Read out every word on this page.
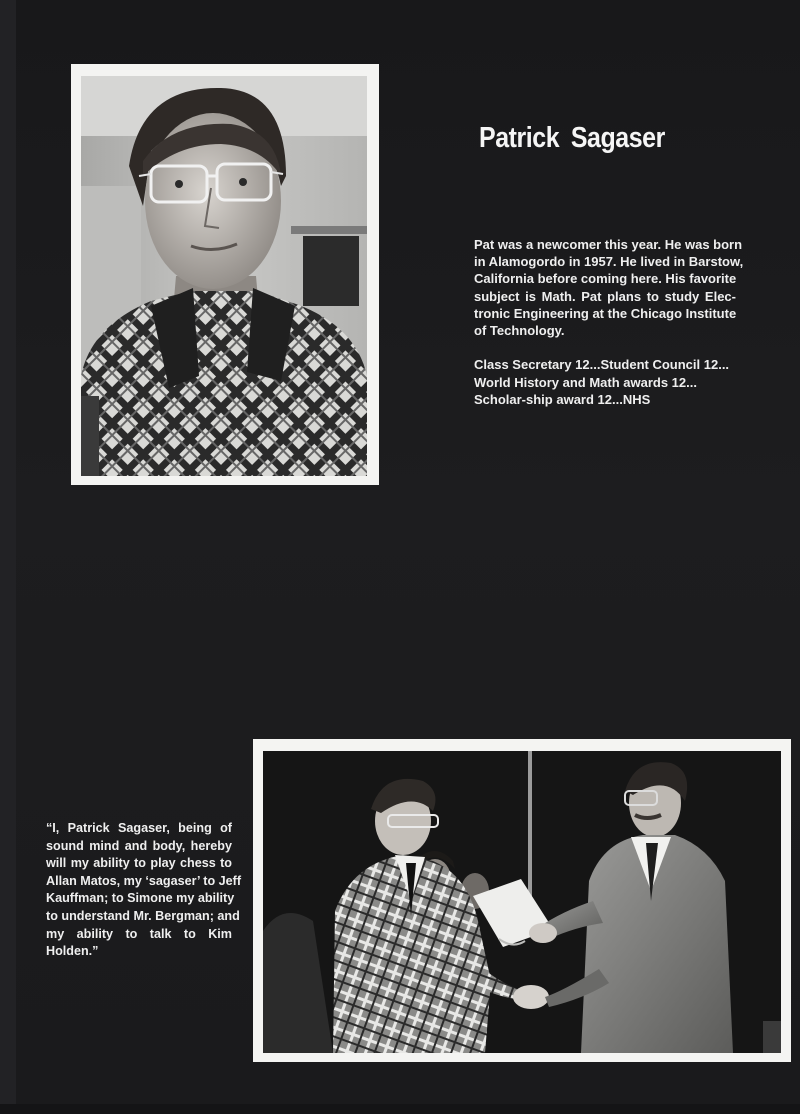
Patrick Sagaser
Pat was a newcomer this year. He was born
in Alamogordo in 1957. He lived in Barstow,
California before coming here. His favorite
subject is Math. Pat plans to study Elec-
tronic Engineering at the Chicago Institute
of Technology.
Class Secretary 12...Student Council 12...
World History and Math awards 12...
Scholar-ship award 12...NHS
“I, Patrick Sagaser, being of
sound mind and body, hereby
will my ability to play chess to
Allan Matos, my ‘sagaser’ to Jeff
Kauffman; to Simone my ability
to understand Mr. Bergman; and
my ability to talk to Kim
Holden.”
